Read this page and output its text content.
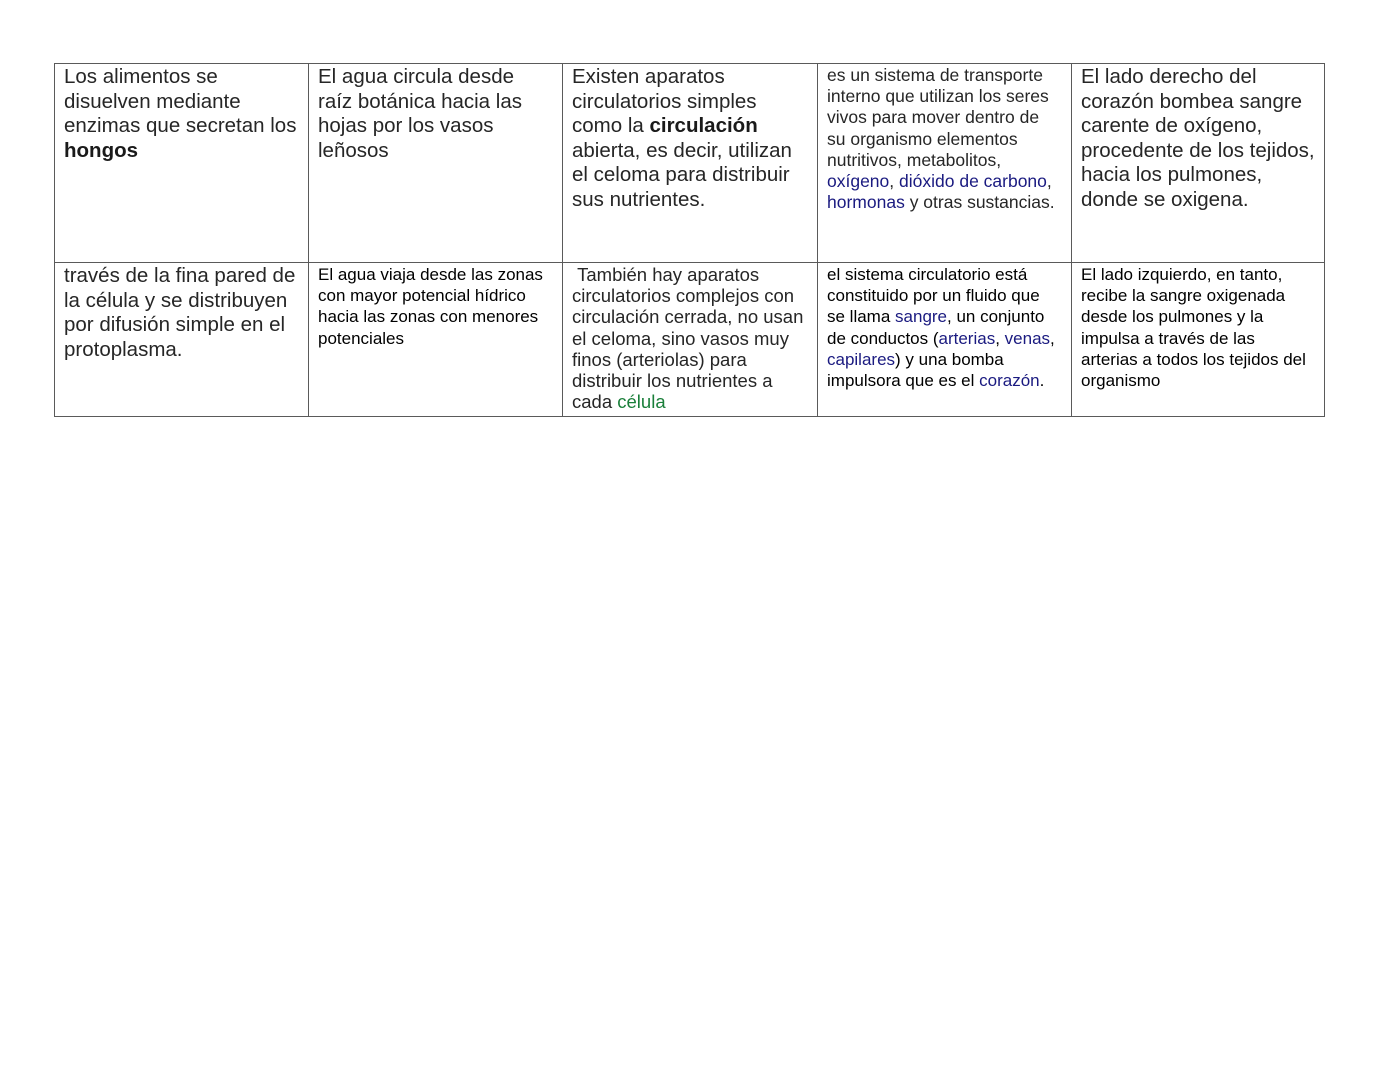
Los alimentos se disuelven mediante enzimas que secretan los hongos	El agua circula desde raíz botánica hacia las hojas por los vasos leñosos	Existen aparatos circulatorios simples como la circulación abierta, es decir, utilizan el celoma para distribuir sus nutrientes.	es un sistema de transporte interno que utilizan los seres vivos para mover dentro de su organismo elementos nutritivos, metabolitos, oxígeno, dióxido de carbono, hormonas y otras sustancias.	El lado derecho del corazón bombea sangre carente de oxígeno, procedente de los tejidos, hacia los pulmones, donde se oxigena.
través de la fina pared de la célula y se distribuyen por difusión simple en el protoplasma.	El agua viaja desde las zonas con mayor potencial hídrico hacia las zonas con menores potenciales	También hay aparatos circulatorios complejos con circulación cerrada, no usan el celoma, sino vasos muy finos (arteriolas) para distribuir los nutrientes a cada célula	el sistema circulatorio está constituido por un fluido que se llama sangre, un conjunto de conductos (arterias, venas, capilares) y una bomba impulsora que es el corazón.	El lado izquierdo, en tanto, recibe la sangre oxigenada desde los pulmones y la impulsa a través de las arterias a todos los tejidos del organismo
